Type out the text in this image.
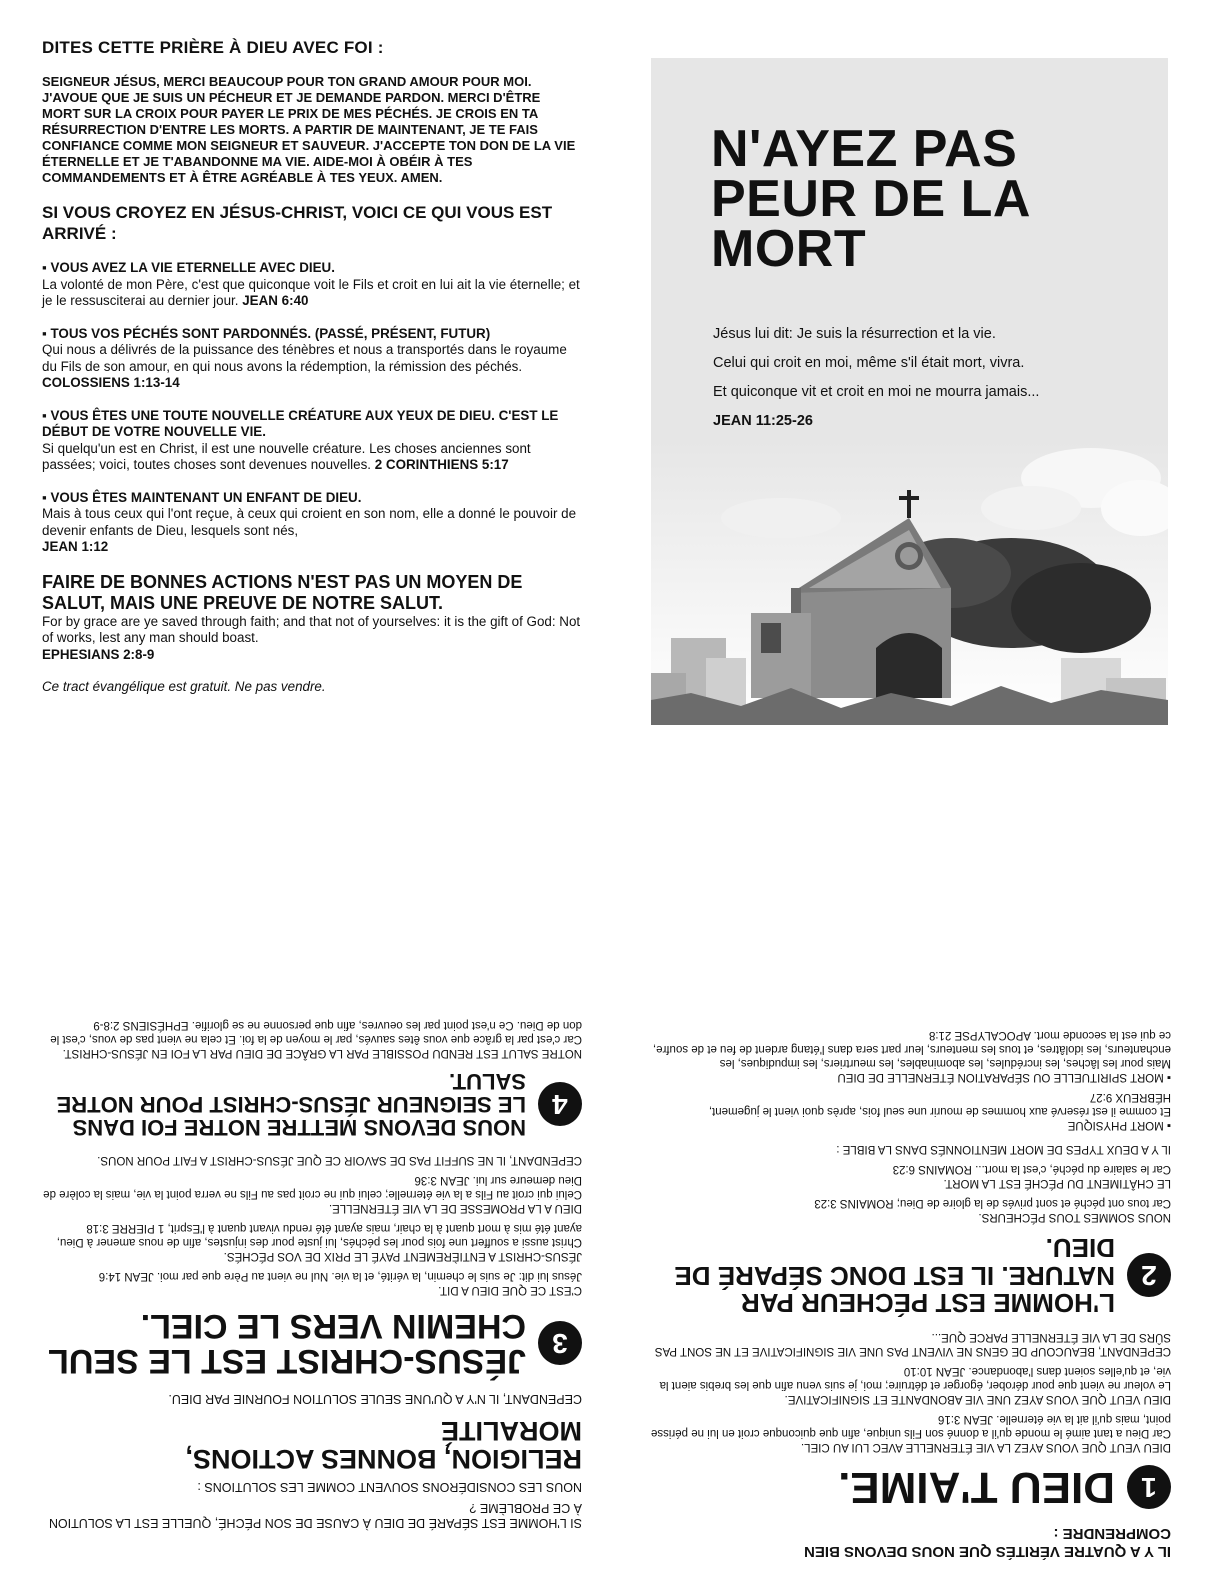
DITES CETTE PRIÈRE À DIEU AVEC FOI :

SEIGNEUR JÉSUS, MERCI BEAUCOUP POUR TON GRAND AMOUR POUR MOI. J'AVOUE QUE JE SUIS UN PÉCHEUR ET JE DEMANDE PARDON. MERCI D'ÊTRE MORT SUR LA CROIX POUR PAYER LE PRIX DE MES PÉCHÉS. JE CROIS EN TA RÉSURRECTION D'ENTRE LES MORTS. A PARTIR DE MAINTENANT, JE TE FAIS CONFIANCE COMME MON SEIGNEUR ET SAUVEUR. J'ACCEPTE TON DON DE LA VIE ÉTERNELLE ET JE T'ABANDONNE MA VIE. AIDE-MOI À OBÉIR À TES COMMANDEMENTS ET À ÊTRE AGRÉABLE À TES YEUX. AMEN.

SI VOUS CROYEZ EN JÉSUS-CHRIST, VOICI CE QUI VOUS EST ARRIVÉ :
▪ VOUS AVEZ LA VIE ETERNELLE AVEC DIEU.
La volonté de mon Père, c'est que quiconque voit le Fils et croit en lui ait la vie éternelle; et je le ressusciterai au dernier jour. JEAN 6:40
▪ TOUS VOS PÉCHÉS SONT PARDONNÉS. (PASSÉ, PRÉSENT, FUTUR)
Qui nous a délivrés de la puissance des ténèbres et nous a transportés dans le royaume du Fils de son amour, en qui nous avons la rédemption, la rémission des péchés. COLOSSIENS 1:13-14
▪ VOUS ÊTES UNE TOUTE NOUVELLE CRÉATURE AUX YEUX DE DIEU. C'EST LE DÉBUT DE VOTRE NOUVELLE VIE.
Si quelqu'un est en Christ, il est une nouvelle créature. Les choses anciennes sont passées; voici, toutes choses sont devenues nouvelles. 2 CORINTHIENS 5:17
▪ VOUS ÊTES MAINTENANT UN ENFANT DE DIEU.
Mais à tous ceux qui l'ont reçue, à ceux qui croient en son nom, elle a donné le pouvoir de devenir enfants de Dieu, lesquels sont nés,
JEAN 1:12
FAIRE DE BONNES ACTIONS N'EST PAS UN MOYEN DE SALUT, MAIS UNE PREUVE DE NOTRE SALUT.

For by grace are ye saved through faith; and that not of yourselves: it is the gift of God: Not of works, lest any man should boast.
EPHESIANS 2:8-9

Ce tract évangélique est gratuit. Ne pas vendre.
N'AYEZ PAS PEUR DE LA MORT
Jésus lui dit: Je suis la résurrection et la vie.
Celui qui croit en moi, même s'il était mort, vivra.
Et quiconque vit et croit en moi ne mourra jamais...
JEAN 11:25-26
IL Y A QUATRE VÉRITÉS QUE NOUS DEVONS BIEN COMPRENDRE :
1
DIEU T'AIME.
DIEU VEUT QUE VOUS AYEZ LA VIE ÉTERNELLE AVEC LUI AU CIEL.
Car Dieu a tant aimé le monde qu'il a donné son Fils unique, afin que quiconque croit en lui ne périsse point, mais qu'il ait la vie éternelle. JEAN 3:16
DIEU VEUT QUE VOUS AYEZ UNE VIE ABONDANTE ET SIGNIFICATIVE.
Le voleur ne vient que pour dérober, égorger et détruire; moi, je suis venu afin que les brebis aient la vie, et qu'elles soient dans l'abondance. JEAN 10:10
CEPENDANT, BEAUCOUP DE GENS NE VIVENT PAS UNE VIE SIGNIFICATIVE ET NE SONT PAS SÛRS DE LA VIE ÉTERNELLE PARCE QUE...
2
L'HOMME EST PÉCHEUR PAR NATURE. IL EST DONC SÉPARÉ DE DIEU.
NOUS SOMMES TOUS PÉCHEURS.
Car tous ont péché et sont privés de la gloire de Dieu; ROMAINS 3:23
LE CHÂTIMENT DU PÉCHÉ EST LA MORT.
Car le salaire du péché, c'est la mort... ROMAINS 6:23
IL Y A DEUX TYPES DE MORT MENTIONNÉS DANS LA BIBLE :
▪ MORT PHYSIQUE
Et comme il est réservé aux hommes de mourir une seul fois, après quoi vient le jugement, HÉBREUX 9:27
▪ MORT SPIRITUELLE OU SÉPARATION ÉTERNELLE DE DIEU
Mais pour les lâches, les incrédules, les abominables, les meurtriers, les impudiques, les enchanteurs, les idolâtres, et tous les menteurs, leur part sera dans l'étang ardent de feu et de soufre, ce qui est la seconde mort. APOCALYPSE 21:8
SI L'HOMME EST SÉPARÉ DE DIEU À CAUSE DE SON PÉCHÉ, QUELLE EST LA SOLUTION À CE PROBLÈME ?
NOUS LES CONSIDÉRONS SOUVENT COMME LES SOLUTIONS :
RELIGION, BONNES ACTIONS, MORALITÉ
CEPENDANT, IL N'Y A QU'UNE SEULE SOLUTION FOURNIE PAR DIEU.
3
JÉSUS-CHRIST EST LE SEUL CHEMIN VERS LE CIEL.
C'EST CE QUE DIEU A DIT.
Jésus lui dit: Je suis le chemin, la vérité, et la vie. Nul ne vient au Père que par moi. JEAN 14:6
JÉSUS-CHRIST A ENTIÈREMENT PAYÉ LE PRIX DE VOS PÉCHÉS.
Christ aussi a souffert une fois pour les péchés, lui juste pour des injustes, afin de nous amener à Dieu, ayant été mis à mort quant à la chair, mais ayant été rendu vivant quant à l'Esprit, 1 PIERRE 3:18
DIEU A LA PROMESSE DE LA VIE ÉTERNELLE.
Celui qui croit au Fils a la vie éternelle; celui qui ne croit pas au Fils ne verra point la vie, mais la colère de Dieu demeure sur lui. JEAN 3:36
CEPENDANT, IL NE SUFFIT PAS DE SAVOIR CE QUE JÉSUS-CHRIST A FAIT POUR NOUS.
4
NOUS DEVONS METTRE NOTRE FOI DANS LE SEIGNEUR JÉSUS-CHRIST POUR NOTRE SALUT.
NOTRE SALUT EST RENDU POSSIBLE PAR LA GRÂCE DE DIEU PAR LA FOI EN JÉSUS-CHRIST.
Car c'est par la grâce que vous êtes sauvés, par le moyen de la foi. Et cela ne vient pas de vous, c'est le don de Dieu. Ce n'est point par les oeuvres, afin que personne ne se glorifie. EPHÉSIENS 2:8-9
